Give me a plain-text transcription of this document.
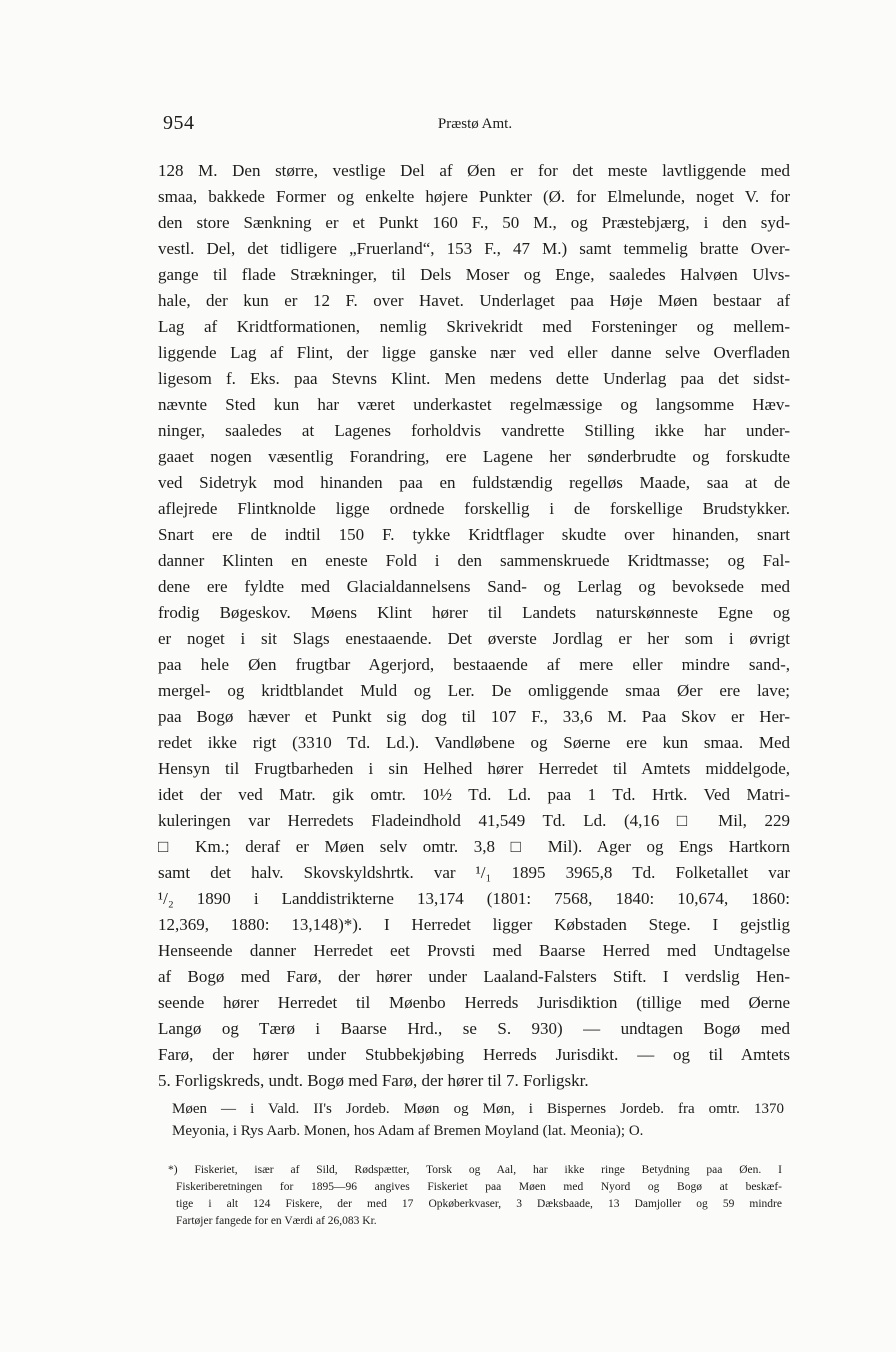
954	Præstø Amt.
128 M. Den større, vestlige Del af Øen er for det meste lavtliggende med
smaa, bakkede Former og enkelte højere Punkter (Ø. for Elmelunde, noget V. for
den store Sænkning er et Punkt 160 F., 50 M., og Præstebjærg, i den syd-
vestl. Del, det tidligere „Fruerland“, 153 F., 47 M.) samt temmelig bratte Over-
gange til flade Strækninger, til Dels Moser og Enge, saaledes Halvøen Ulvs-
hale, der kun er 12 F. over Havet. Underlaget paa Høje Møen bestaar af
Lag af Kridtformationen, nemlig Skrivekridt med Forsteninger og mellem-
liggende Lag af Flint, der ligge ganske nær ved eller danne selve Overfladen
ligesom f. Eks. paa Stevns Klint. Men medens dette Underlag paa det sidst-
nævnte Sted kun har været underkastet regelmæssige og langsomme Hæv-
ninger, saaledes at Lagenes forholdvis vandrette Stilling ikke har under-
gaaet nogen væsentlig Forandring, ere Lagene her sønderbrudte og forskudte
ved Sidetryk mod hinanden paa en fuldstændig regelløs Maade, saa at de
aflejrede Flintknolde ligge ordnede forskellig i de forskellige Brudstykker.
Snart ere de indtil 150 F. tykke Kridtflager skudte over hinanden, snart
danner Klinten en eneste Fold i den sammenskruede Kridtmasse; og Fal-
dene ere fyldte med Glacialdannelsens Sand- og Lerlag og bevoksede med
frodig Bøgeskov. Møens Klint hører til Landets naturskønneste Egne og
er noget i sit Slags enestaaende. Det øverste Jordlag er her som i øvrigt
paa hele Øen frugtbar Agerjord, bestaaende af mere eller mindre sand-,
mergel- og kridtblandet Muld og Ler. De omliggende smaa Øer ere lave;
paa Bogø hæver et Punkt sig dog til 107 F., 33,6 M. Paa Skov er Her-
redet ikke rigt (3310 Td. Ld.). Vandløbene og Søerne ere kun smaa. Med
Hensyn til Frugtbarheden i sin Helhed hører Herredet til Amtets middelgode,
idet der ved Matr. gik omtr. 10½ Td. Ld. paa 1 Td. Hrtk. Ved Matri-
kuleringen var Herredets Fladeindhold 41,549 Td. Ld. (4,16 □ Mil, 229
□ Km.; deraf er Møen selv omtr. 3,8 □ Mil). Ager og Engs Hartkorn
samt det halv. Skovskyldshrtk. var ¹/₁ 1895 3965,8 Td. Folketallet var
¹/₂ 1890 i Landdistrikterne 13,174 (1801: 7568, 1840: 10,674, 1860:
12,369, 1880: 13,148)*). I Herredet ligger Købstaden Stege. I gejstlig
Henseende danner Herredet eet Provsti med Baarse Herred med Undtagelse
af Bogø med Farø, der hører under Laaland-Falsters Stift. I verdslig Hen-
seende hører Herredet til Møenbo Herreds Jurisdiktion (tillige med Øerne
Langø og Tærø i Baarse Hrd., se S. 930) — undtagen Bogø med
Farø, der hører under Stubbekjøbing Herreds Jurisdikt. — og til Amtets
5. Forligskreds, undt. Bogø med Farø, der hører til 7. Forligskr.
Møen — i Vald. II's Jordeb. Møøn og Møn, i Bispernes Jordeb. fra omtr. 1370
Meyonia, i Rys Aarb. Monen, hos Adam af Bremen Moyland (lat. Meonia); O.
*) Fiskeriet, især af Sild, Rødspætter, Torsk og Aal, har ikke ringe Betydning paa Øen. I
Fiskeriberetningen for 1895—96 angives Fiskeriet paa Møen med Nyord og Bogø at beskæf-
tige i alt 124 Fiskere, der med 17 Opkøberkvaser, 3 Dæksbaade, 13 Damjoller og 59 mindre
Fartøjer fangede for en Værdi af 26,083 Kr.
